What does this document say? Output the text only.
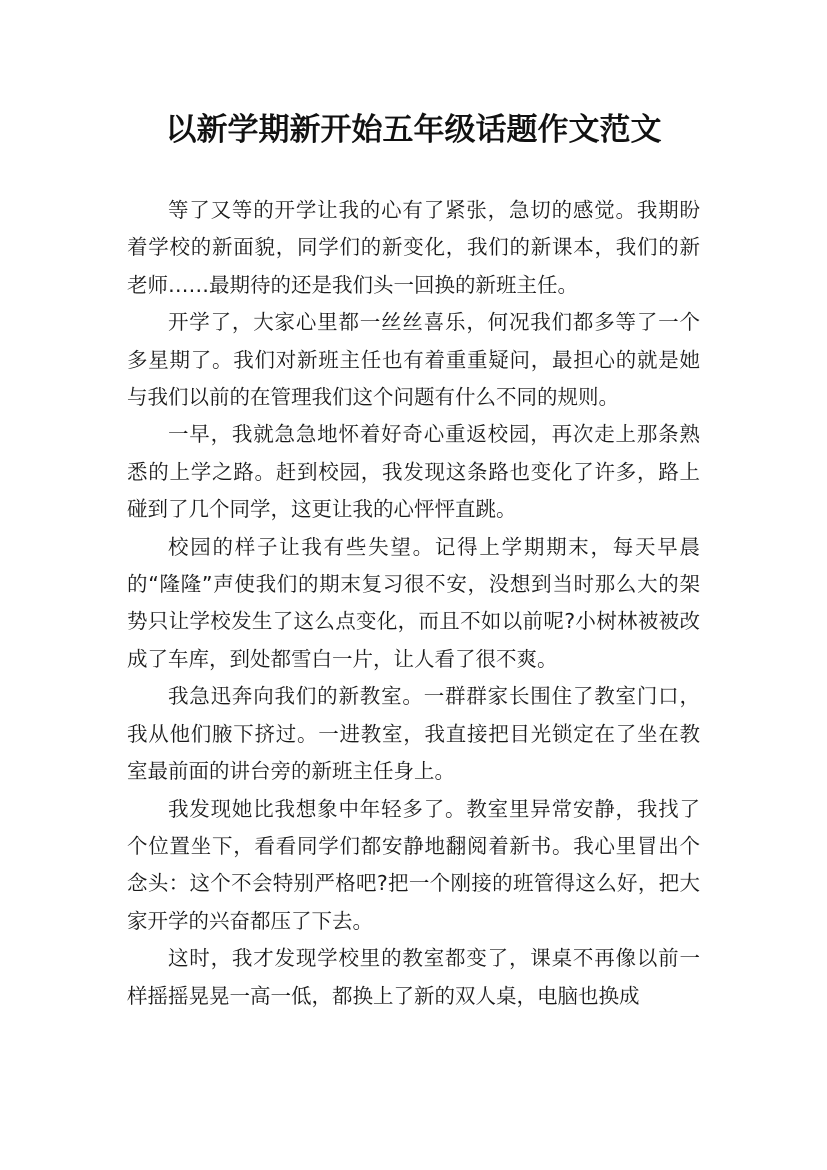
以新学期新开始五年级话题作文范文

等了又等的开学让我的心有了紧张，急切的感觉。我期盼着学校的新面貌，同学们的新变化，我们的新课本，我们的新老师……最期待的还是我们头一回换的新班主任。

开学了，大家心里都一丝丝喜乐，何况我们都多等了一个多星期了。我们对新班主任也有着重重疑问，最担心的就是她与我们以前的在管理我们这个问题有什么不同的规则。

一早，我就急急地怀着好奇心重返校园，再次走上那条熟悉的上学之路。赶到校园，我发现这条路也变化了许多，路上碰到了几个同学，这更让我的心怦怦直跳。

校园的样子让我有些失望。记得上学期期末，每天早晨的“隆隆”声使我们的期末复习很不安，没想到当时那么大的架势只让学校发生了这么点变化，而且不如以前呢?小树林被被改成了车库，到处都雪白一片，让人看了很不爽。

我急迅奔向我们的新教室。一群群家长围住了教室门口，我从他们腋下挤过。一进教室，我直接把目光锁定在了坐在教室最前面的讲台旁的新班主任身上。

我发现她比我想象中年轻多了。教室里异常安静，我找了个位置坐下，看看同学们都安静地翻阅着新书。我心里冒出个念头：这个不会特别严格吧?把一个刚接的班管得这么好，把大家开学的兴奋都压了下去。

这时，我才发现学校里的教室都变了，课桌不再像以前一样摇摇晃晃一高一低，都换上了新的双人桌，电脑也换成
